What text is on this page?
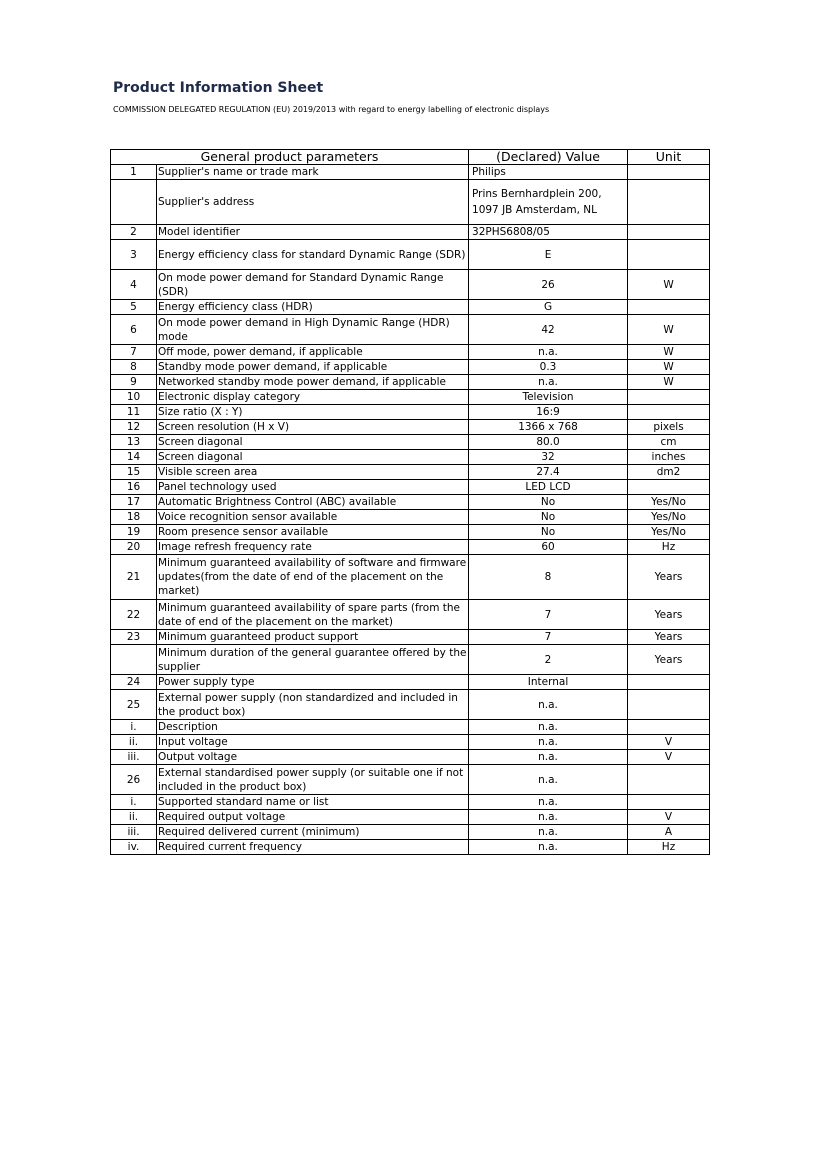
Product Information Sheet
COMMISSION DELEGATED REGULATION (EU) 2019/2013 with regard to energy labelling of electronic displays
General product parameters		(Declared) Value	Unit
1	Supplier's name or trade mark	Philips	
	Supplier's address	Prins Bernhardplein 200,
1097 JB Amsterdam, NL	

2	Model identifier	32PHS6808/05	
3	Energy efficiency class for standard Dynamic Range (SDR)	E	
4	On mode power demand for Standard Dynamic Range (SDR)	26	W
5	Energy efficiency class (HDR)	G	
6	On mode power demand in High Dynamic Range (HDR) mode	42	W
7	Off mode, power demand, if applicable	n.a.	W
8	Standby mode power demand, if applicable	0.3	W
9	Networked standby mode power demand, if applicable	n.a.	W
10	Electronic display category	Television	
11	Size ratio (X : Y)	16:9	
12	Screen resolution (H x V)	1366 x 768	pixels
13	Screen diagonal	80.0	cm
14	Screen diagonal	32	inches
15	Visible screen area	27.4	dm2
16	Panel technology used	LED LCD	
17	Automatic Brightness Control (ABC) available	No	Yes/No
18	Voice recognition sensor available	No	Yes/No
19	Room presence sensor available	No	Yes/No
20	Image refresh frequency rate	60	Hz
21	Minimum guaranteed availability of software and firmware updates(from the date of end of the placement on the market)	8	Years
22	Minimum guaranteed availability of spare parts (from the date of end of the placement on the market)	7	Years
23	Minimum guaranteed product support	7	Years
	Minimum duration of the general guarantee offered by the supplier	2	Years
24	Power supply type	Internal	
25	External power supply (non standardized and included in the product box)	n.a.	
i.	Description	n.a.	
ii.	Input voltage	n.a.	V
iii.	Output voltage	n.a.	V
26	External standardised power supply (or suitable one if not included in the product box)	n.a.	
i.	Supported standard name or list	n.a.	
ii.	Required output voltage	n.a.	V
iii.	Required delivered current (minimum)	n.a.	A
iv.	Required current frequency	n.a.	Hz
